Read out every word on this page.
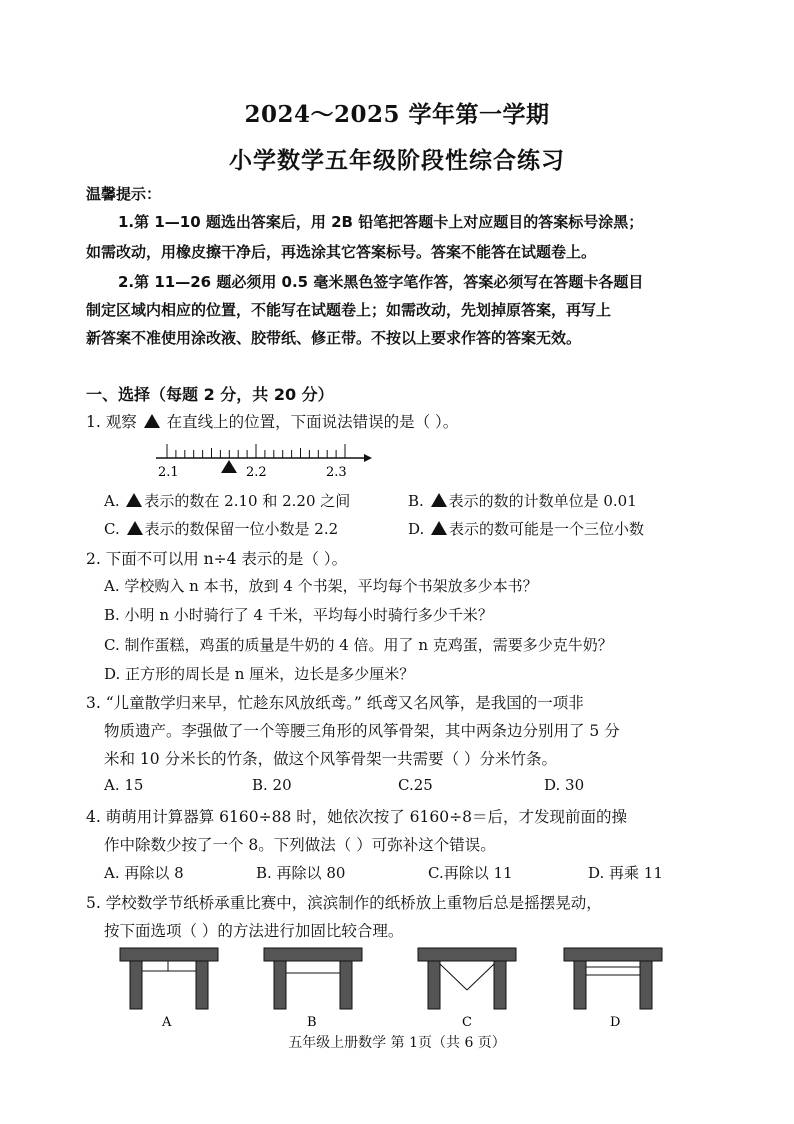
2024～2025 学年第一学期
小学数学五年级阶段性综合练习
温馨提示：
1.第 1—10 题选出答案后，用 2B 铅笔把答题卡上对应题目的答案标号涂黑；
如需改动，用橡皮擦干净后，再选涂其它答案标号。答案不能答在试题卷上。
2.第 11—26 题必须用 0.5 毫米黑色签字笔作答，答案必须写在答题卡各题目
制定区域内相应的位置，不能写在试题卷上；如需改动，先划掉原答案，再写上
新答案不准使用涂改液、胶带纸、修正带。不按以上要求作答的答案无效。
一、选择（每题 2 分，共 20 分）
1. 观察 在直线上的位置，下面说法错误的是（ ）。
2.1	2.2	2.3
A. 表示的数在 2.10 和 2.20 之间	B. 表示的数的计数单位是 0.01
C. 表示的数保留一位小数是 2.2	D. 表示的数可能是一个三位小数
2. 下面不可以用 n÷4 表示的是（ ）。
A. 学校购入 n 本书，放到 4 个书架，平均每个书架放多少本书？
B. 小明 n 小时骑行了 4 千米，平均每小时骑行多少千米？
C. 制作蛋糕，鸡蛋的质量是牛奶的 4 倍。用了 n 克鸡蛋，需要多少克牛奶？
D. 正方形的周长是 n 厘米，边长是多少厘米？
3. “儿童散学归来早，忙趁东风放纸鸢。” 纸鸢又名风筝，是我国的一项非
物质遗产。李强做了一个等腰三角形的风筝骨架，其中两条边分别用了 5 分
米和 10 分米长的竹条，做这个风筝骨架一共需要（ ）分米竹条。
A. 15	B. 20	C.25	D. 30
4. 萌萌用计算器算 6160÷88 时，她依次按了 6160÷8＝后，才发现前面的操
作中除数少按了一个 8。下列做法（ ）可弥补这个错误。
A. 再除以 8	B. 再除以 80	C.再除以 11	D. 再乘 11
5. 学校数学节纸桥承重比赛中，滨滨制作的纸桥放上重物后总是摇摆晃动，
按下面选项（ ）的方法进行加固比较合理。
A	B	C	D
五年级上册数学 第 1页（共 6 页）
